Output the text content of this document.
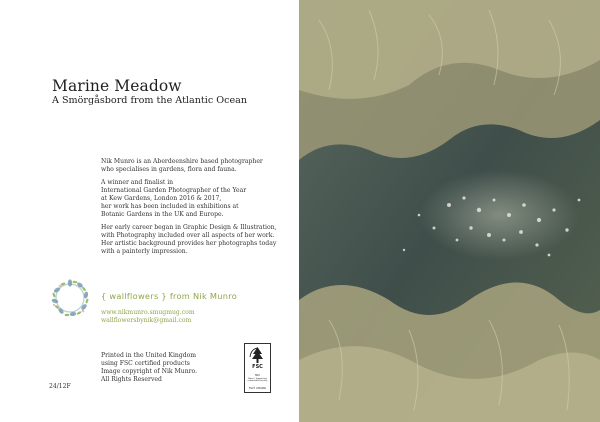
Marine Meadow
A Smörgåsbord from the Atlantic Ocean

Nik Munro is an Aberdeenshire based photographer
who specialises in gardens, flora and fauna.

A winner and finalist in
International Garden Photographer of the Year
at Kew Gardens, London 2016 & 2017,
her work has been included in exhibitions at
Botanic Gardens in the UK and Europe.

Her early career began in Graphic Design & Illustration,
with Photography included over all aspects of her work.
Her artistic background provides her photographs today
with a painterly impression.

{ wallflowers } from Nik Munro
www.nikmunro.smugmug.com
wallflowersbynik@gmail.com
Printed in the United Kingdom
using FSC certified products
Image copyright of Nik Munro.
All Rights Reserved
24/12F
FSC
MIX
Paper | Supporting responsible forestry
FSC® C081466
